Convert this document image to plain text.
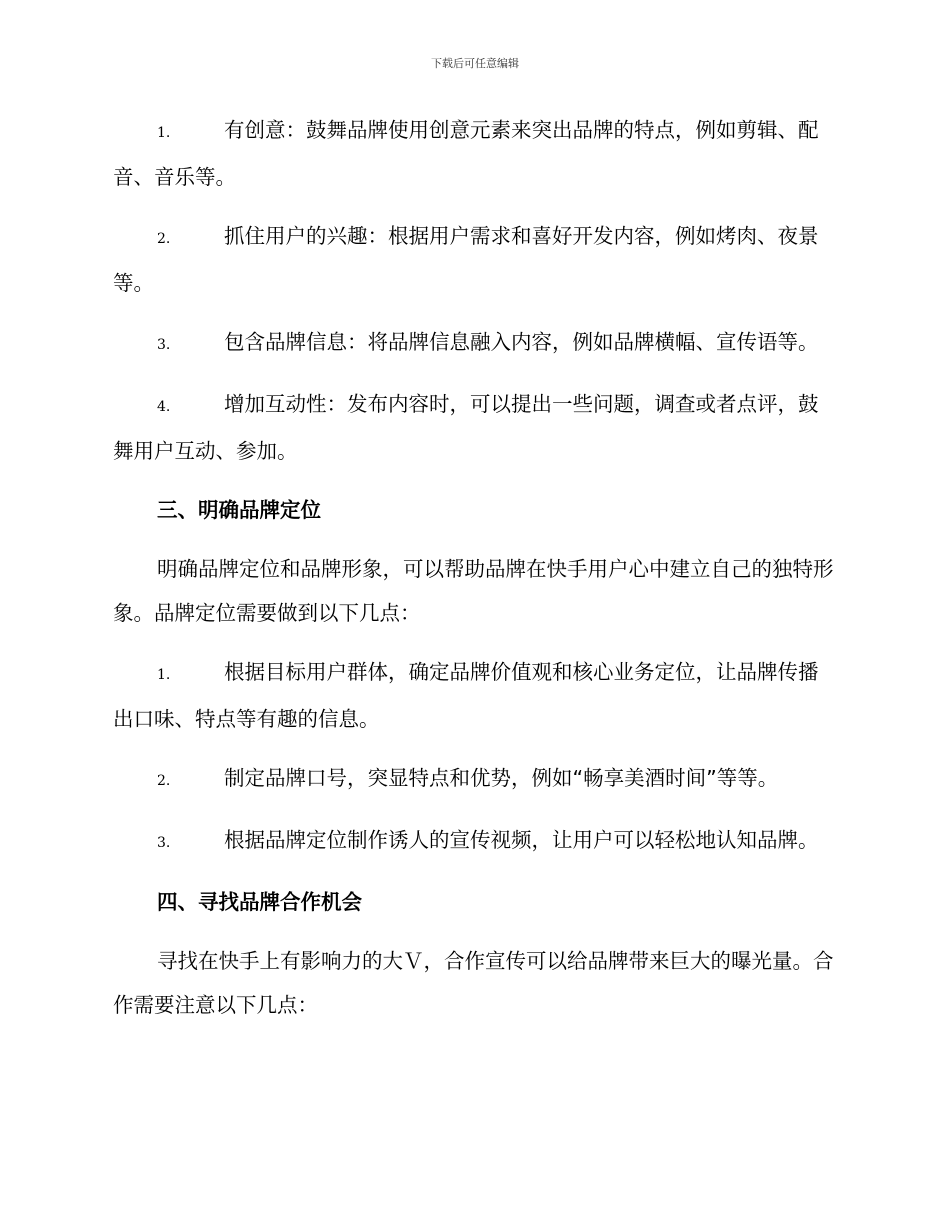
下载后可任意编辑
1.	有创意：鼓舞品牌使用创意元素来突出品牌的特点，例如剪辑、配音、音乐等。
2.	抓住用户的兴趣：根据用户需求和喜好开发内容，例如烤肉、夜景等。
3.	包含品牌信息：将品牌信息融入内容，例如品牌横幅、宣传语等。
4.	增加互动性：发布内容时，可以提出一些问题，调查或者点评，鼓舞用户互动、参加。
三、明确品牌定位
明确品牌定位和品牌形象，可以帮助品牌在快手用户心中建立自己的独特形象。品牌定位需要做到以下几点：
1.	根据目标用户群体，确定品牌价值观和核心业务定位，让品牌传播出口味、特点等有趣的信息。
2.	制定品牌口号，突显特点和优势，例如“畅享美酒时间”等等。
3.	根据品牌定位制作诱人的宣传视频，让用户可以轻松地认知品牌。
四、寻找品牌合作机会
寻找在快手上有影响力的大Ｖ，合作宣传可以给品牌带来巨大的曝光量。合作需要注意以下几点：
